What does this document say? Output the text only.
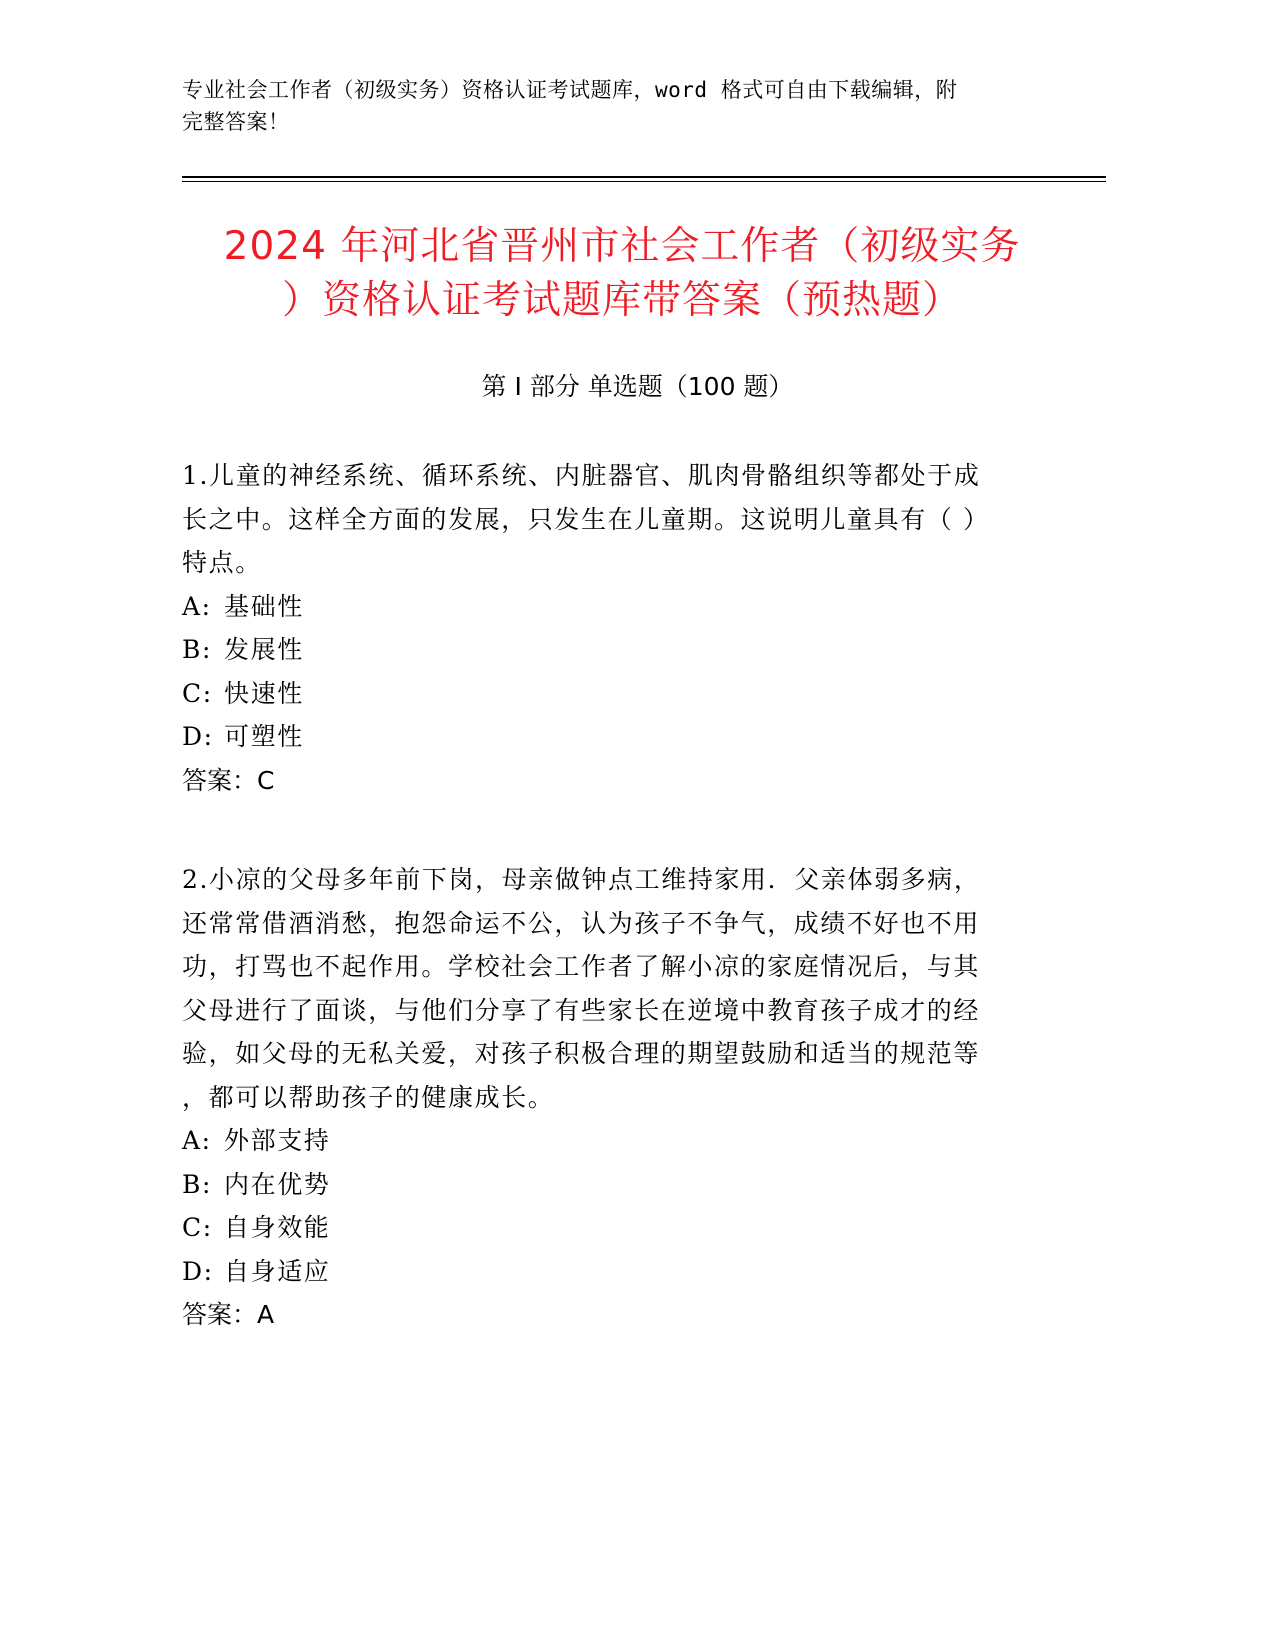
专业社会工作者（初级实务）资格认证考试题库，word 格式可自由下载编辑，附
完整答案！
2024 年河北省晋州市社会工作者（初级实务
）资格认证考试题库带答案（预热题）
第 I 部分 单选题（100 题）

1.儿童的神经系统、循环系统、内脏器官、肌肉骨骼组织等都处于成
长之中。这样全方面的发展，只发生在儿童期。这说明儿童具有（ ）
特点。

A: 基础性
B: 发展性
C: 快速性
D: 可塑性
答案：C

2.小凉的父母多年前下岗，母亲做钟点工维持家用．父亲体弱多病，
还常常借酒消愁，抱怨命运不公，认为孩子不争气，成绩不好也不用
功，打骂也不起作用。学校社会工作者了解小凉的家庭情况后，与其
父母进行了面谈，与他们分享了有些家长在逆境中教育孩子成才的经
验，如父母的无私关爱，对孩子积极合理的期望鼓励和适当的规范等
，都可以帮助孩子的健康成长。

A: 外部支持
B: 内在优势
C: 自身效能
D: 自身适应
答案：A
